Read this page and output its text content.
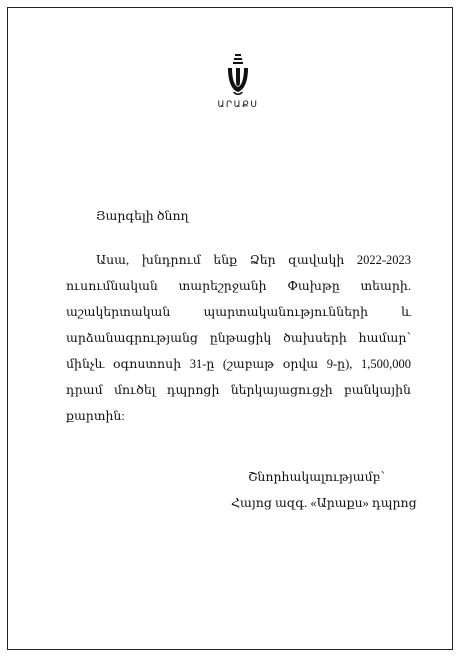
ԱՐԱՔՍ
Յարգելի ծնող
Ասա, խնդրում ենք Ձեր զավակի 2022-2023 ուսումնական տարեշրջանի Փախթը տեարի. աշակերտական պարտականությունների և արձանագրությանց ընթացիկ ծախսերի համար՝ մինչև օգոստոսի 31-ը (շաբաթ օրվա 9-ը), 1,500,000 դրամ մուծել դպրոցի ներկայացուցչի բանկային քարտին:
Շնորհակալությամբ՝
Հայոց ազգ. «Արաքս» դպրոց
